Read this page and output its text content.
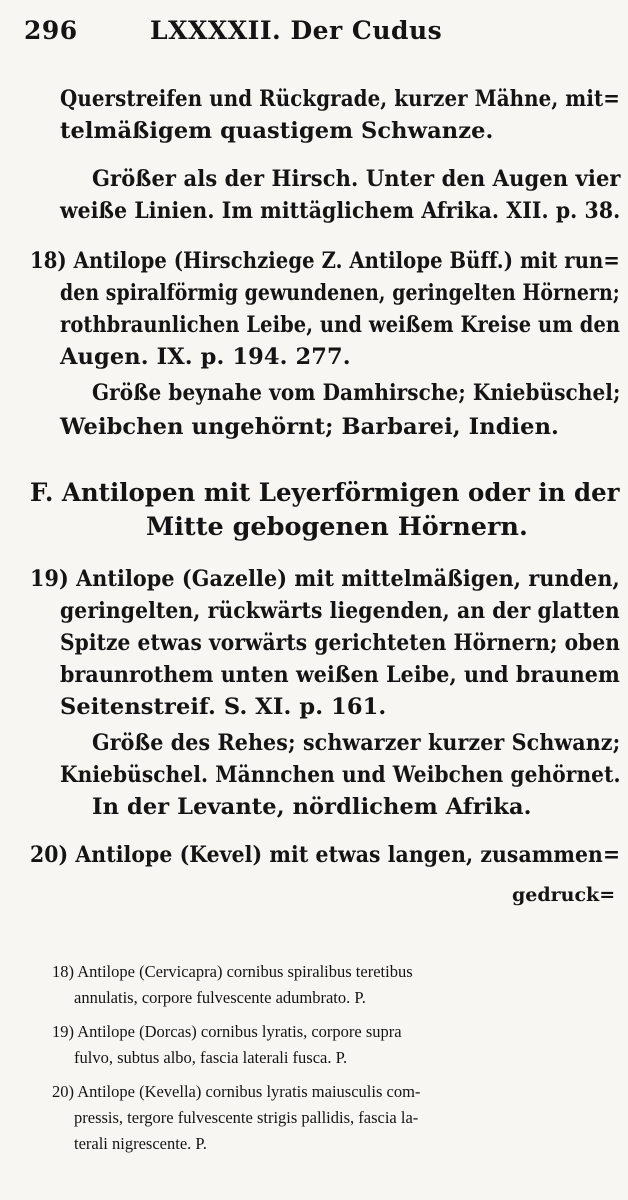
296	LXXXXII. Der Cudus
Querstreifen und Rückgrade, kurzer Mähne, mit=
telmäßigem quastigem Schwanze.
Größer als der Hirsch. Unter den Augen vier
weiße Linien. Im mittäglichem Afrika. XII. p. 38.
18) Antilope (Hirschziege Z. Antilope Büff.) mit run=
den spiralförmig gewundenen, geringelten Hörnern;
rothbraunlichen Leibe, und weißem Kreise um den
Augen. IX. p. 194. 277.
Größe beynahe vom Damhirsche; Kniebüschel;
Weibchen ungehörnt; Barbarei, Indien.
F. Antilopen mit Leyerförmigen oder in der
Mitte gebogenen Hörnern.
19) Antilope (Gazelle) mit mittelmäßigen, runden,
geringelten, rückwärts liegenden, an der glatten
Spitze etwas vorwärts gerichteten Hörnern; oben
braunrothem unten weißen Leibe, und braunem
Seitenstreif. S. XI. p. 161.
Größe des Rehes; schwarzer kurzer Schwanz;
Kniebüschel. Männchen und Weibchen gehörnet.
In der Levante, nördlichem Afrika.
20) Antilope (Kevel) mit etwas langen, zusammen=
gedruck=
18) Antilope (Cervicapra) cornibus spiralibus teretibus
annulatis, corpore fulvescente adumbrato. P.
19) Antilope (Dorcas) cornibus lyratis, corpore supra
fulvo, subtus albo, fascia laterali fusca. P.
20) Antilope (Kevella) cornibus lyratis maiusculis com-
pressis, tergore fulvescente strigis pallidis, fascia la-
terali nigrescente. P.
